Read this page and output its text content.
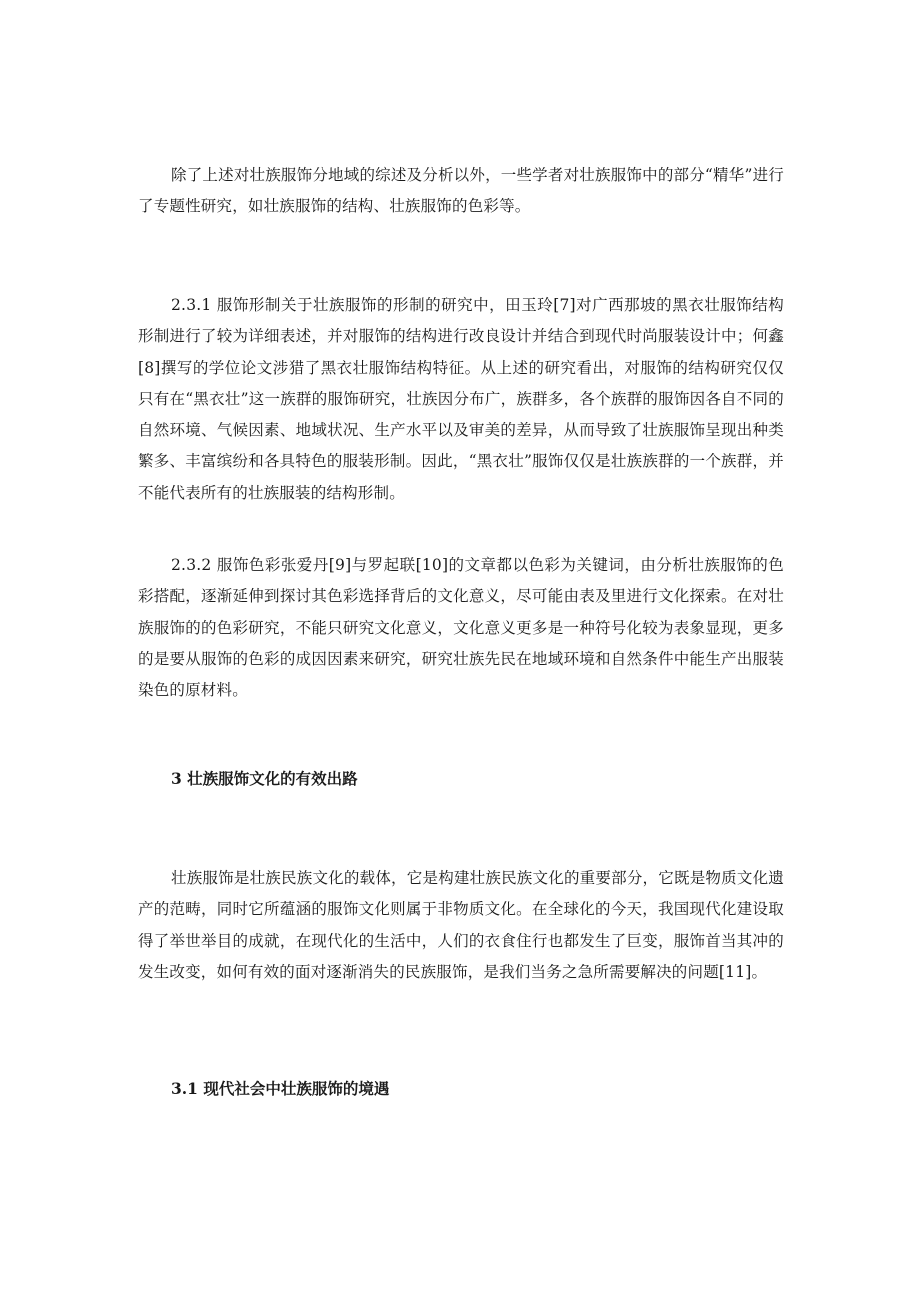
除了上述对壮族服饰分地域的综述及分析以外，一些学者对壮族服饰中的部分“精华”进行了专题性研究，如壮族服饰的结构、壮族服饰的色彩等。

2.3.1 服饰形制关于壮族服饰的形制的研究中，田玉玲[7]对广西那坡的黑衣壮服饰结构形制进行了较为详细表述，并对服饰的结构进行改良设计并结合到现代时尚服装设计中；何鑫[8]撰写的学位论文涉猎了黑衣壮服饰结构特征。从上述的研究看出，对服饰的结构研究仅仅只有在“黑衣壮”这一族群的服饰研究，壮族因分布广，族群多，各个族群的服饰因各自不同的自然环境、气候因素、地域状况、生产水平以及审美的差异，从而导致了壮族服饰呈现出种类繁多、丰富缤纷和各具特色的服装形制。因此，“黑衣壮”服饰仅仅是壮族族群的一个族群，并不能代表所有的壮族服装的结构形制。

2.3.2 服饰色彩张爱丹[9]与罗起联[10]的文章都以色彩为关键词，由分析壮族服饰的色彩搭配，逐渐延伸到探讨其色彩选择背后的文化意义，尽可能由表及里进行文化探索。在对壮族服饰的的色彩研究，不能只研究文化意义，文化意义更多是一种符号化较为表象显现，更多的是要从服饰的色彩的成因因素来研究，研究壮族先民在地域环境和自然条件中能生产出服装染色的原材料。

3 壮族服饰文化的有效出路

壮族服饰是壮族民族文化的载体，它是构建壮族民族文化的重要部分，它既是物质文化遗产的范畴，同时它所蕴涵的服饰文化则属于非物质文化。在全球化的今天，我国现代化建设取得了举世举目的成就，在现代化的生活中，人们的衣食住行也都发生了巨变，服饰首当其冲的发生改变，如何有效的面对逐渐消失的民族服饰，是我们当务之急所需要解决的问题[11]。

3.1 现代社会中壮族服饰的境遇
